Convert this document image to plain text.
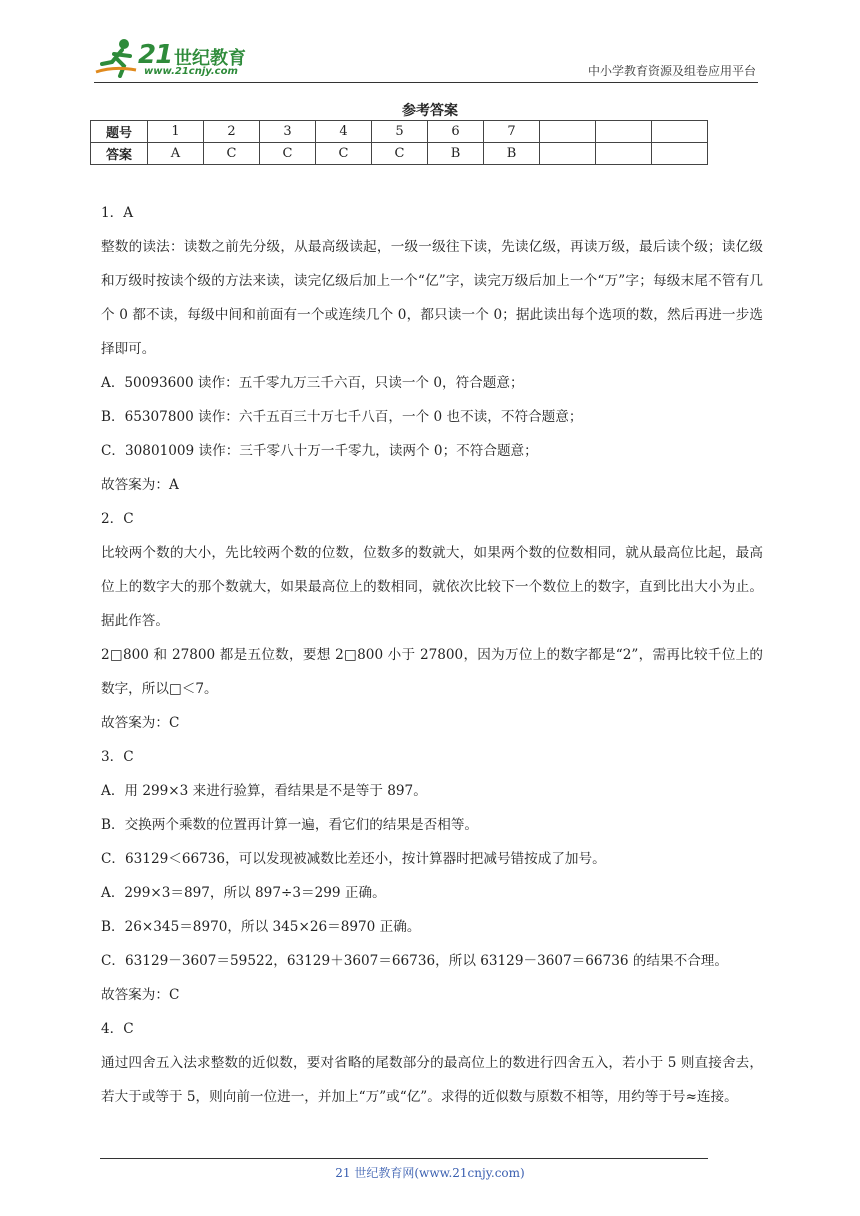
21 世纪教育
www.21cnjy.com	中小学教育资源及组卷应用平台
参考答案
题号	1	2	3	4	5	6	7			
答案	A	C	C	C	C	B	B			

1．A

整数的读法：读数之前先分级，从最高级读起，一级一级往下读，先读亿级，再读万级，最后读个级；读亿级和万级时按读个级的方法来读，读完亿级后加上一个“亿”字，读完万级后加上一个“万”字；每级末尾不管有几个 0 都不读，每级中间和前面有一个或连续几个 0，都只读一个 0；据此读出每个选项的数，然后再进一步选择即可。

A．50093600 读作：五千零九万三千六百，只读一个 0，符合题意；

B．65307800 读作：六千五百三十万七千八百，一个 0 也不读，不符合题意；

C．30801009 读作：三千零八十万一千零九，读两个 0；不符合题意；

故答案为：A

2．C

比较两个数的大小，先比较两个数的位数，位数多的数就大，如果两个数的位数相同，就从最高位比起，最高位上的数字大的那个数就大，如果最高位上的数相同，就依次比较下一个数位上的数字，直到比出大小为止。据此作答。

2□800 和 27800 都是五位数，要想 2□800 小于 27800，因为万位上的数字都是“2”，需再比较千位上的数字，所以□＜7。

故答案为：C

3．C

A．用 299×3 来进行验算，看结果是不是等于 897。

B．交换两个乘数的位置再计算一遍，看它们的结果是否相等。

C．63129＜66736，可以发现被减数比差还小，按计算器时把减号错按成了加号。

A．299×3＝897，所以 897÷3＝299 正确。

B．26×345＝8970，所以 345×26＝8970 正确。

C．63129－3607＝59522，63129＋3607＝66736，所以 63129－3607＝66736 的结果不合理。

故答案为：C

4．C

通过四舍五入法求整数的近似数，要对省略的尾数部分的最高位上的数进行四舍五入，若小于 5 则直接舍去，若大于或等于 5，则向前一位进一，并加上“万”或“亿”。求得的近似数与原数不相等，用约等于号≈连接。

21 世纪教育网(www.21cnjy.com)
